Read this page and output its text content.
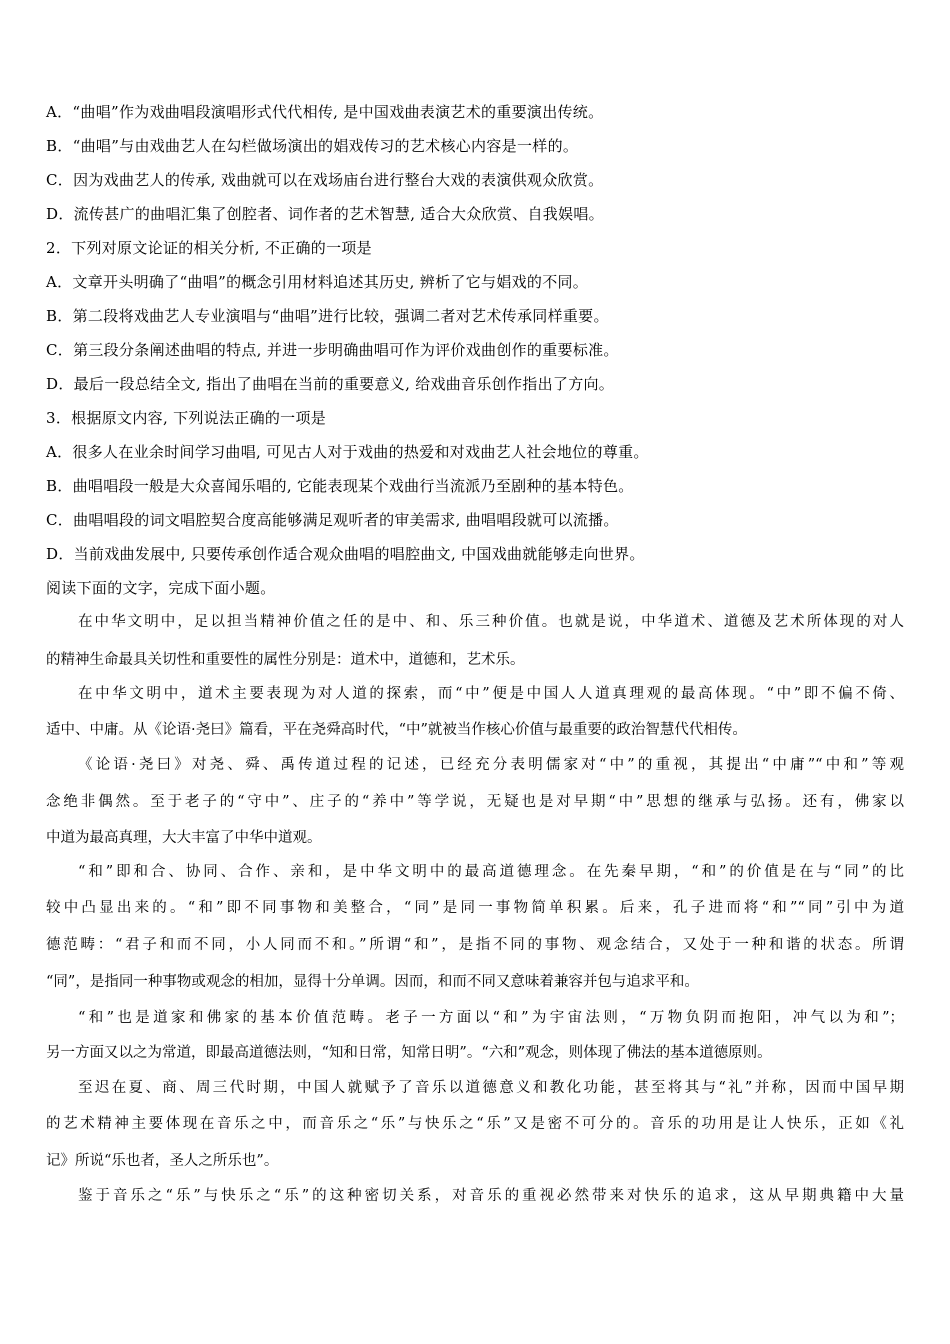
A．“曲唱”作为戏曲唱段演唱形式代代相传, 是中国戏曲表演艺术的重要演出传统。
B．“曲唱”与由戏曲艺人在勾栏做场演出的娼戏传习的艺术核心内容是一样的。
C．因为戏曲艺人的传承, 戏曲就可以在戏场庙台进行整台大戏的表演供观众欣赏。
D．流传甚广的曲唱汇集了创腔者、词作者的艺术智慧, 适合大众欣赏、自我娱唱。
2．下列对原文论证的相关分析, 不正确的一项是
A．文章开头明确了“曲唱”的概念引用材料追述其历史, 辨析了它与娼戏的不同。
B．第二段将戏曲艺人专业演唱与“曲唱”进行比较，强调二者对艺术传承同样重要。
C．第三段分条阐述曲唱的特点, 并进一步明确曲唱可作为评价戏曲创作的重要标准。
D．最后一段总结全文, 指出了曲唱在当前的重要意义, 给戏曲音乐创作指出了方向。
3．根据原文内容, 下列说法正确的一项是
A．很多人在业余时间学习曲唱, 可见古人对于戏曲的热爱和对戏曲艺人社会地位的尊重。
B．曲唱唱段一般是大众喜闻乐唱的, 它能表现某个戏曲行当流派乃至剧种的基本特色。
C．曲唱唱段的词文唱腔契合度高能够满足观听者的审美需求, 曲唱唱段就可以流播。
D．当前戏曲发展中, 只要传承创作适合观众曲唱的唱腔曲文, 中国戏曲就能够走向世界。
阅读下面的文字，完成下面小题。
在中华文明中，足以担当精神价值之任的是中、和、乐三种价值。也就是说，中华道术、道德及艺术所体现的对人
的精神生命最具关切性和重要性的属性分别是：道术中，道德和，艺术乐。
在中华文明中，道术主要表现为对人道的探索，而“中”便是中国人人道真理观的最高体现。“中”即不偏不倚、
适中、中庸。从《论语·尧曰》篇看，平在尧舜高时代，“中”就被当作核心价值与最重要的政治智慧代代相传。
《论语·尧曰》对尧、舜、禹传道过程的记述，已经充分表明儒家对“中”的重视，其提出“中庸”“中和”等观
念绝非偶然。至于老子的“守中”、庄子的“养中”等学说，无疑也是对早期“中”思想的继承与弘扬。还有，佛家以
中道为最高真理，大大丰富了中华中道观。
“和”即和合、协同、合作、亲和，是中华文明中的最高道德理念。在先秦早期，“和”的价值是在与“同”的比
较中凸显出来的。“和”即不同事物和美整合，“同”是同一事物简单积累。后来，孔子进而将“和”“同”引中为道
德范畴：“君子和而不同，小人同而不和。”所谓“和”，是指不同的事物、观念结合，又处于一种和谐的状态。所谓
“同”，是指同一种事物或观念的相加，显得十分单调。因而，和而不同又意味着兼容并包与追求平和。
“和”也是道家和佛家的基本价值范畴。老子一方面以“和”为宇宙法则，“万物负阴而抱阳，冲气以为和”；
另一方面又以之为常道，即最高道德法则，“知和日常，知常日明”。“六和”观念，则体现了佛法的基本道德原则。
至迟在夏、商、周三代时期，中国人就赋予了音乐以道德意义和教化功能，甚至将其与“礼”并称，因而中国早期
的艺术精神主要体现在音乐之中，而音乐之“乐”与快乐之“乐”又是密不可分的。音乐的功用是让人快乐，正如《礼
记》所说“乐也者，圣人之所乐也”。
鉴于音乐之“乐”与快乐之“乐”的这种密切关系，对音乐的重视必然带来对快乐的追求，这从早期典籍中大量
